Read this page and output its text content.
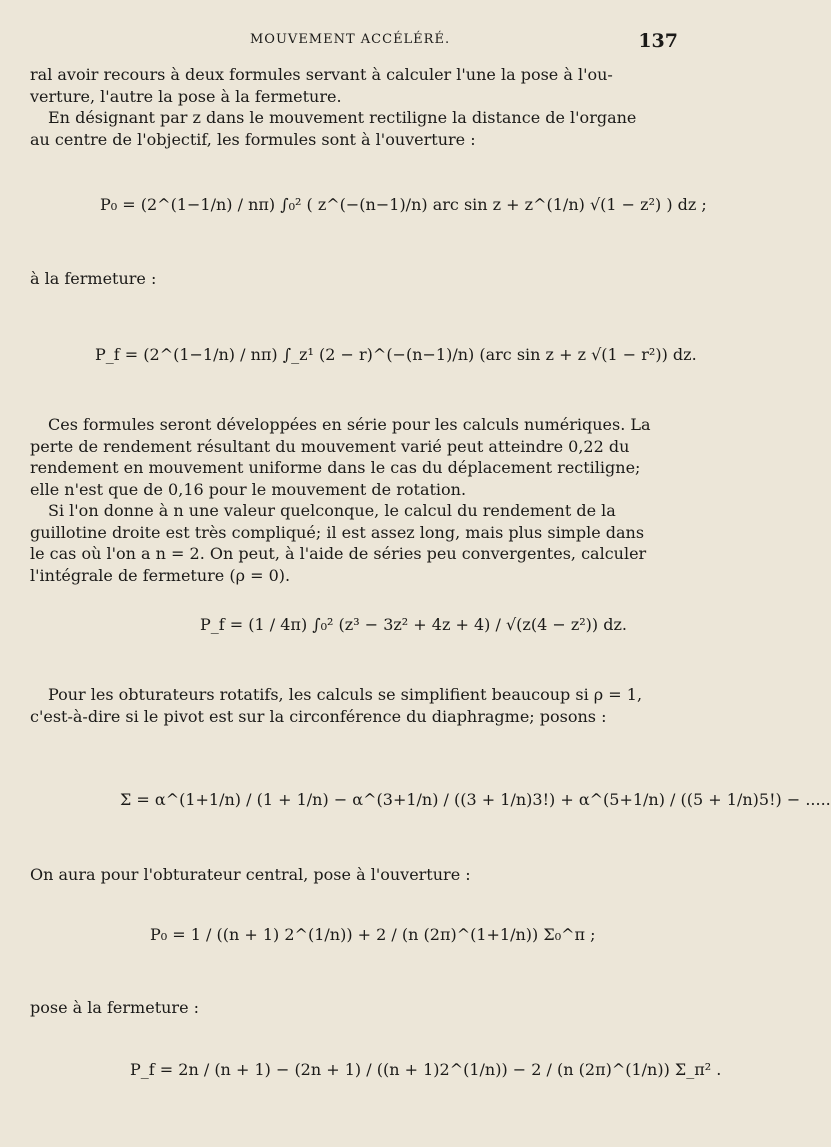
MOUVEMENT ACCÉLÉRÉ.	137
ral avoir recours à deux formules servant à calculer l'une la pose à l'ou-
verture, l'autre la pose à la fermeture.
En désignant par z dans le mouvement rectiligne la distance de l'organe
au centre de l'objectif, les formules sont à l'ouverture :
P₀ = (2^(1−1/n) / nπ) ∫₀² ( z^(−(n−1)/n) arc sin z + z^(1/n) √(1 − z²) ) dz ;
à la fermeture :
P_f = (2^(1−1/n) / nπ) ∫_z¹ (2 − r)^(−(n−1)/n) (arc sin z + z √(1 − r²)) dz.
Ces formules seront développées en série pour les calculs numériques. La
perte de rendement résultant du mouvement varié peut atteindre 0,22 du
rendement en mouvement uniforme dans le cas du déplacement rectiligne;
elle n'est que de 0,16 pour le mouvement de rotation.
Si l'on donne à n une valeur quelconque, le calcul du rendement de la
guillotine droite est très compliqué; il est assez long, mais plus simple dans
le cas où l'on a n = 2. On peut, à l'aide de séries peu convergentes, calculer
l'intégrale de fermeture (ρ = 0).
P_f = (1 / 4π) ∫₀² (z³ − 3z² + 4z + 4) / √(z(4 − z²)) dz.
Pour les obturateurs rotatifs, les calculs se simplifient beaucoup si ρ = 1,
c'est-à-dire si le pivot est sur la circonférence du diaphragme; posons :
Σ = α^(1+1/n) / (1 + 1/n) − α^(3+1/n) / ((3 + 1/n)3!) + α^(5+1/n) / ((5 + 1/n)5!) − .....
On aura pour l'obturateur central, pose à l'ouverture :
P₀ = 1 / ((n + 1) 2^(1/n)) + 2 / (n (2π)^(1+1/n)) Σ₀^π ;
pose à la fermeture :
P_f = 2n / (n + 1) − (2n + 1) / ((n + 1)2^(1/n)) − 2 / (n (2π)^(1/n)) Σ_π² .
